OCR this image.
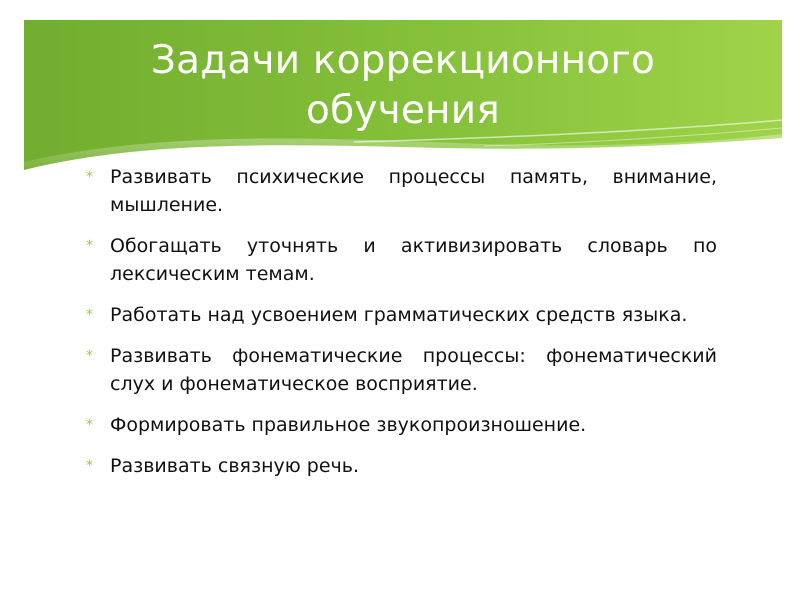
Задачи коррекционного
обучения
* Развивать психические процессы память, внимание, мышление.
* Обогащать уточнять и активизировать словарь по лексическим темам.
* Работать над усвоением грамматических средств языка.
* Развивать фонематические процессы: фонематический слух и фонематическое восприятие.
* Формировать правильное звукопроизношение.
* Развивать связную речь.
